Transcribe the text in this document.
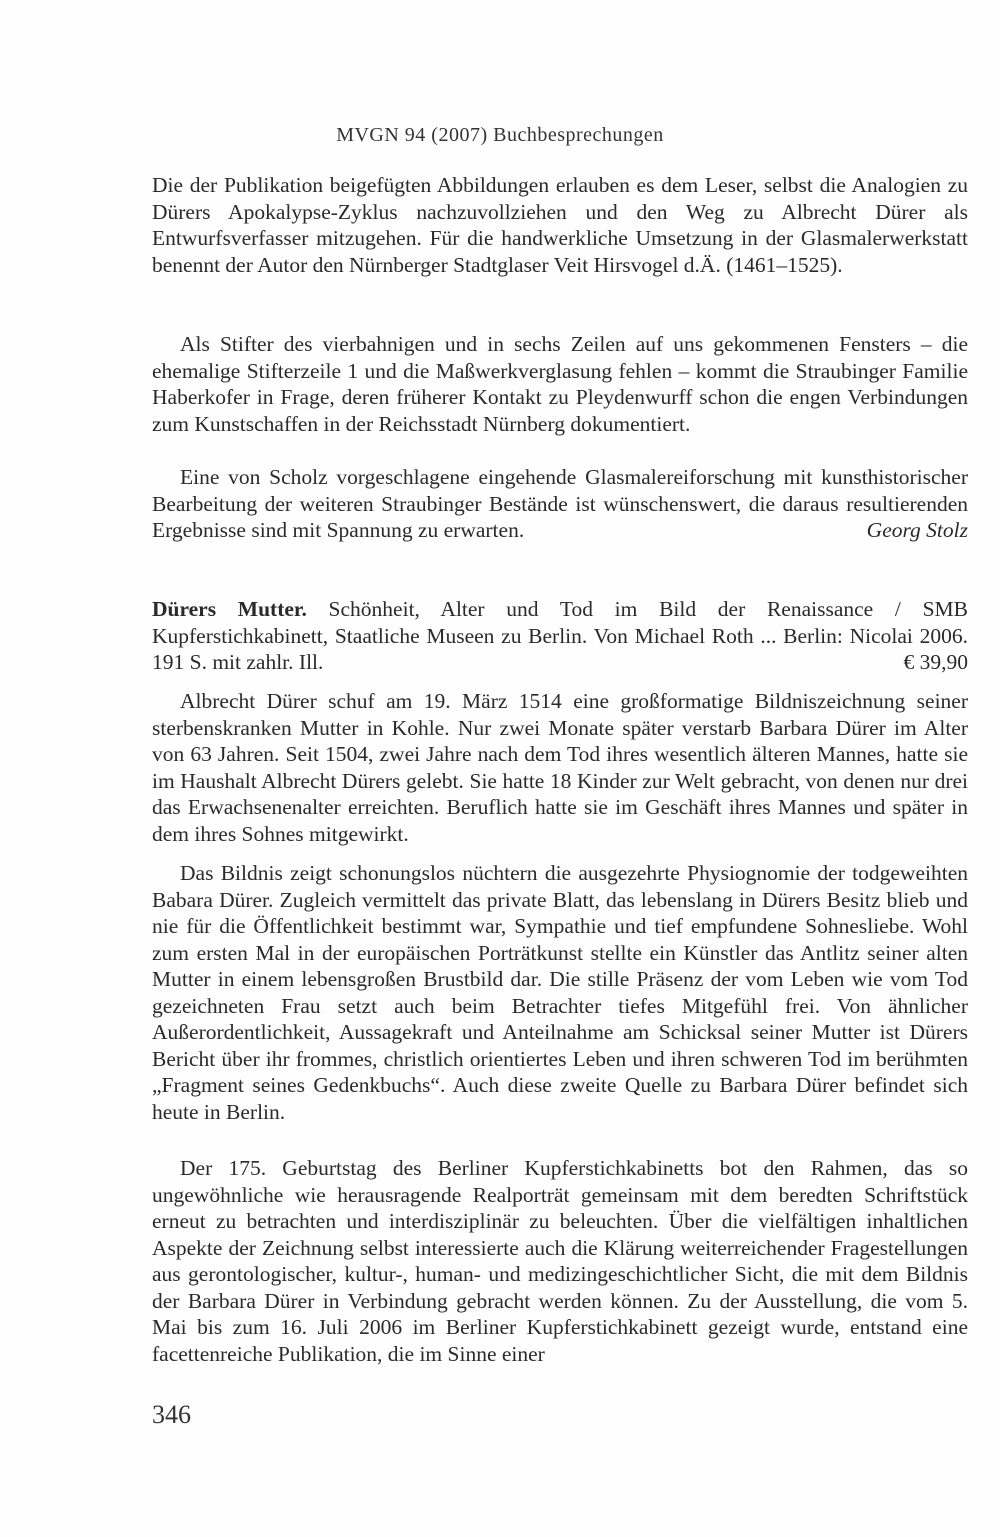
MVGN 94 (2007) Buchbesprechungen

Die der Publikation beigefügten Abbildungen erlauben es dem Leser, selbst die Analogien zu Dürers Apokalypse-Zyklus nachzuvollziehen und den Weg zu Albrecht Dürer als Entwurfsverfasser mitzugehen. Für die handwerkliche Umsetzung in der Glasmalerwerkstatt benennt der Autor den Nürnberger Stadtglaser Veit Hirsvogel d.Ä. (1461–1525).

Als Stifter des vierbahnigen und in sechs Zeilen auf uns gekommenen Fensters – die ehemalige Stifterzeile 1 und die Maßwerkverglasung fehlen – kommt die Straubinger Familie Haberkofer in Frage, deren früherer Kontakt zu Pleydenwurff schon die engen Verbindungen zum Kunstschaffen in der Reichsstadt Nürnberg dokumentiert.

Eine von Scholz vorgeschlagene eingehende Glasmalereiforschung mit kunsthistorischer Bearbeitung der weiteren Straubinger Bestände ist wünschenswert, die daraus resultierenden Ergebnisse sind mit Spannung zu erwarten.	Georg Stolz

Dürers Mutter. Schönheit, Alter und Tod im Bild der Renaissance / SMB Kupferstichkabinett, Staatliche Museen zu Berlin. Von Michael Roth ... Berlin: Nicolai 2006. 191 S. mit zahlr. Ill.	€ 39,90

Albrecht Dürer schuf am 19. März 1514 eine großformatige Bildniszeichnung seiner sterbenskranken Mutter in Kohle. Nur zwei Monate später verstarb Barbara Dürer im Alter von 63 Jahren. Seit 1504, zwei Jahre nach dem Tod ihres wesentlich älteren Mannes, hatte sie im Haushalt Albrecht Dürers gelebt. Sie hatte 18 Kinder zur Welt gebracht, von denen nur drei das Erwachsenenalter erreichten. Beruflich hatte sie im Geschäft ihres Mannes und später in dem ihres Sohnes mitgewirkt.

Das Bildnis zeigt schonungslos nüchtern die ausgezehrte Physiognomie der todgeweihten Babara Dürer. Zugleich vermittelt das private Blatt, das lebenslang in Dürers Besitz blieb und nie für die Öffentlichkeit bestimmt war, Sympathie und tief empfundene Sohnesliebe. Wohl zum ersten Mal in der europäischen Porträtkunst stellte ein Künstler das Antlitz seiner alten Mutter in einem lebensgroßen Brustbild dar. Die stille Präsenz der vom Leben wie vom Tod gezeichneten Frau setzt auch beim Betrachter tiefes Mitgefühl frei. Von ähnlicher Außerordentlichkeit, Aussagekraft und Anteilnahme am Schicksal seiner Mutter ist Dürers Bericht über ihr frommes, christlich orientiertes Leben und ihren schweren Tod im berühmten „Fragment seines Gedenkbuchs“. Auch diese zweite Quelle zu Barbara Dürer befindet sich heute in Berlin.

Der 175. Geburtstag des Berliner Kupferstichkabinetts bot den Rahmen, das so ungewöhnliche wie herausragende Realporträt gemeinsam mit dem beredten Schriftstück erneut zu betrachten und interdisziplinär zu beleuchten. Über die vielfältigen inhaltlichen Aspekte der Zeichnung selbst interessierte auch die Klärung weiterreichender Fragestellungen aus gerontologischer, kultur-, human- und medizingeschichtlicher Sicht, die mit dem Bildnis der Barbara Dürer in Verbindung gebracht werden können. Zu der Ausstellung, die vom 5. Mai bis zum 16. Juli 2006 im Berliner Kupferstichkabinett gezeigt wurde, entstand eine facettenreiche Publikation, die im Sinne einer

346
